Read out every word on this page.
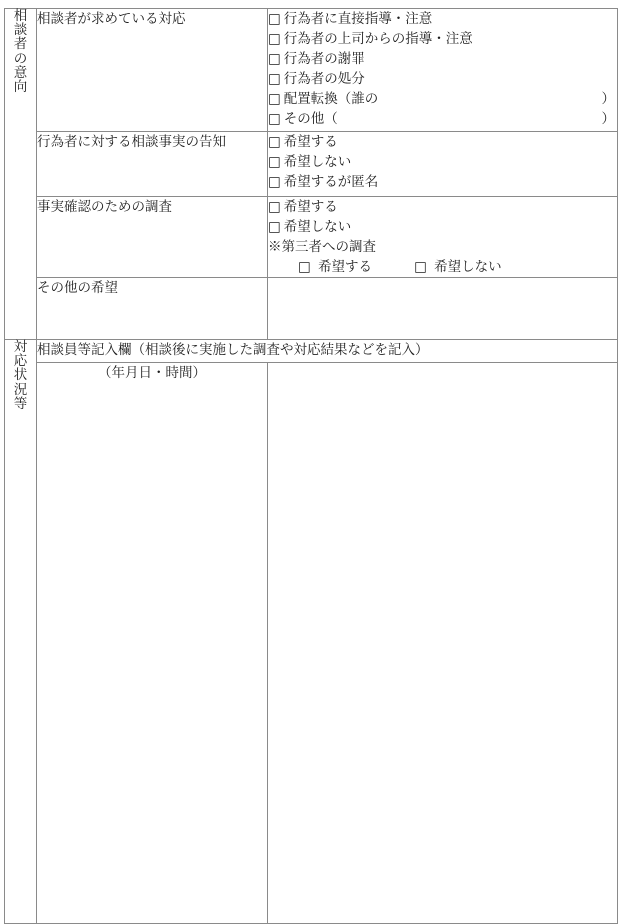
相
談
者
の
意
向
	相談者が求めている対応	□ 行為者に直接指導・注意
□ 行為者の上司からの指導・注意
□ 行為者の謝罪
□ 行為者の処分
□ 配置転換（誰の	）
□ その他（	）

	行為者に対する相談事実の告知	□ 希望する
□ 希望しない
□ 希望するが匿名

	事実確認のための調査	□ 希望する
□ 希望しない
※第三者への調査
□ 希望する □ 希望しない

	その他の希望	

対
応
状
況
等	相談員等記入欄（相談後に実施した調査や対応結果などを記入）	
	（年月日・時間）	
